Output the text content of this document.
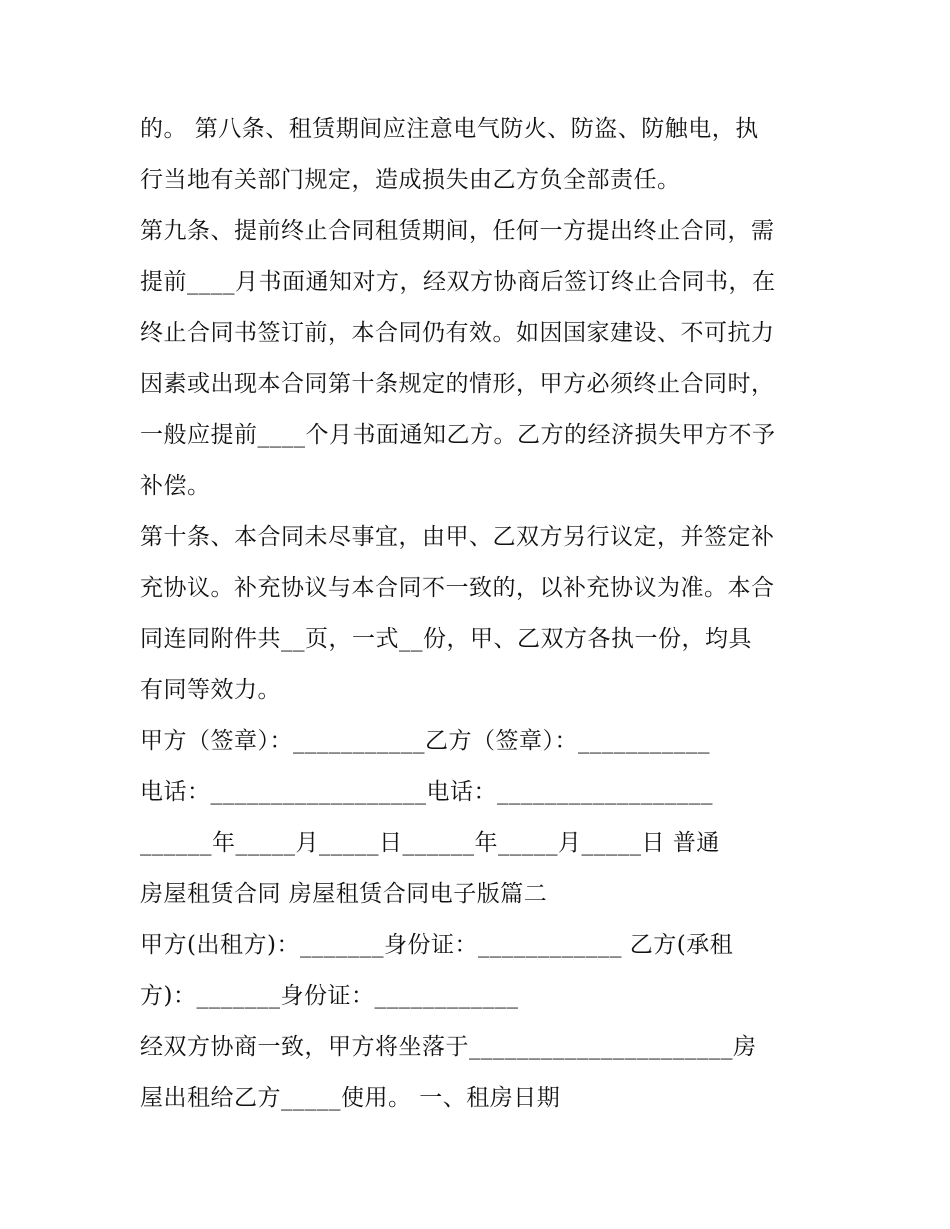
的。 第八条、租赁期间应注意电气防火、防盗、防触电，执
行当地有关部门规定，造成损失由乙方负全部责任。
第九条、提前终止合同租赁期间，任何一方提出终止合同，需
提前____月书面通知对方，经双方协商后签订终止合同书，在
终止合同书签订前，本合同仍有效。如因国家建设、不可抗力
因素或出现本合同第十条规定的情形，甲方必须终止合同时，
一般应提前____个月书面通知乙方。乙方的经济损失甲方不予
补偿。
第十条、本合同未尽事宜，由甲、乙双方另行议定，并签定补
充协议。补充协议与本合同不一致的，以补充协议为准。本合
同连同附件共__页，一式__份，甲、乙双方各执一份，均具
有同等效力。
甲方（签章）：___________乙方（签章）：___________
电话：__________________电话：__________________
______年_____月_____日______年_____月_____日 普通
房屋租赁合同 房屋租赁合同电子版篇二
甲方(出租方)：_______身份证：____________ 乙方(承租
方)：_______身份证：____________
经双方协商一致，甲方将坐落于______________________房
屋出租给乙方_____使用。 一、租房日期
